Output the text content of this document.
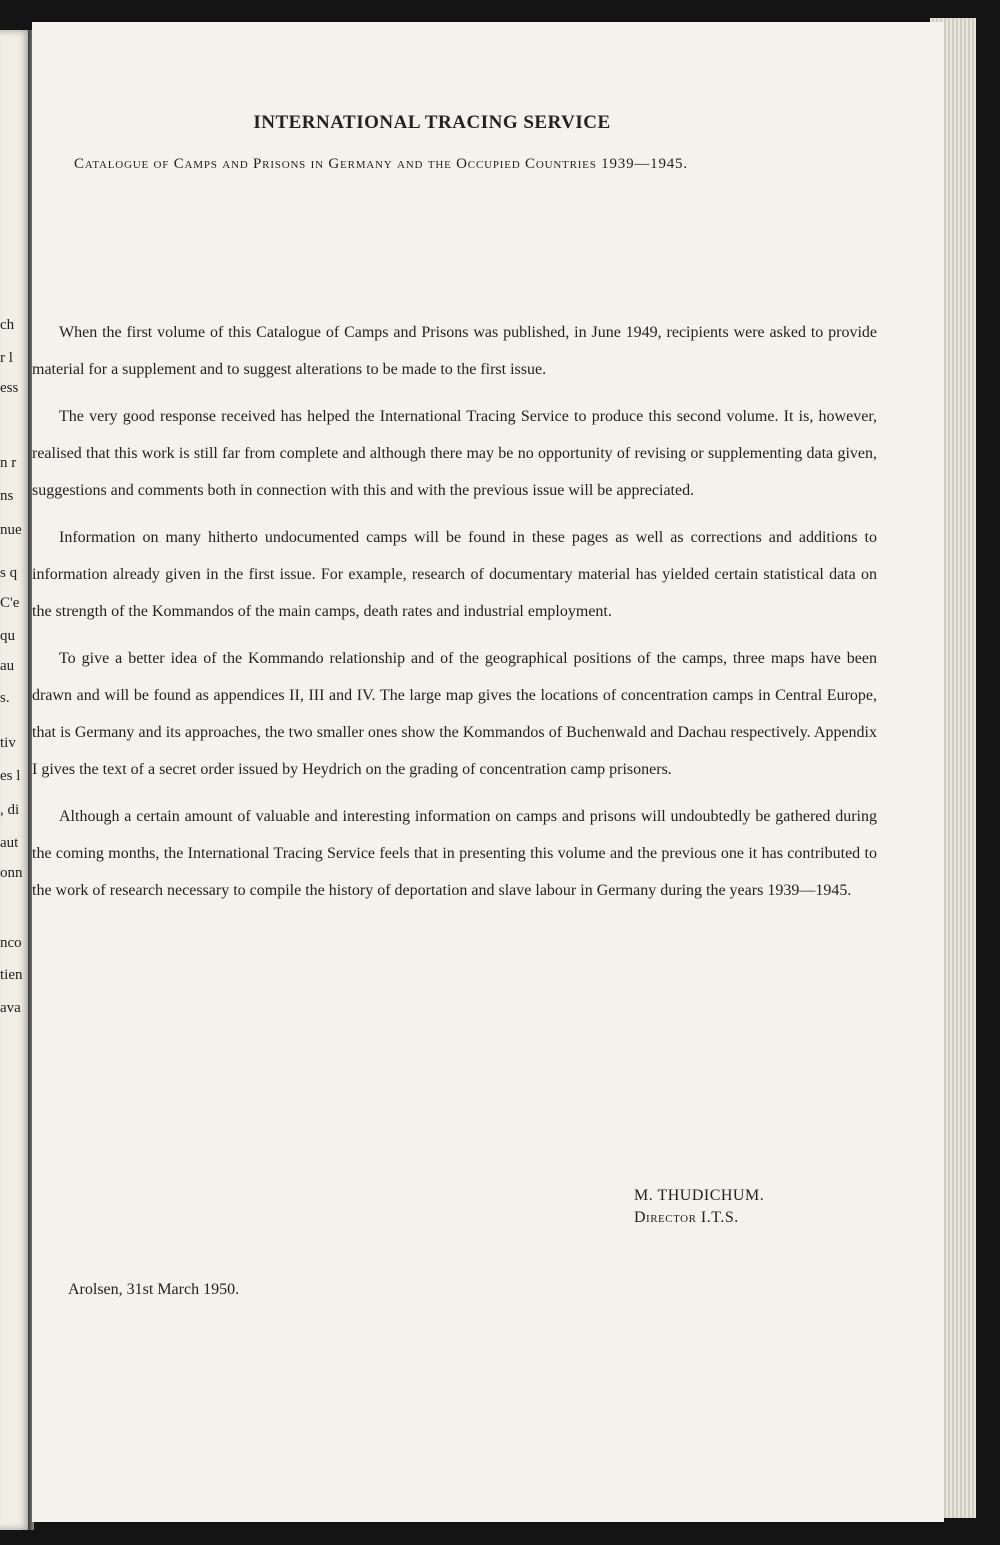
ch
r l
ess
n r
ns
nue
s q
C'e
qu
au
s.
tiv
es l
, di
aut
onn
nco
tien
ava
INTERNATIONAL TRACING SERVICE
Catalogue of Camps and Prisons in Germany and the Occupied Countries 1939—1945.

When the first volume of this Catalogue of Camps and Prisons was published, in June 1949, recipients were asked to provide material for a supplement and to suggest alterations to be made to the first issue.

The very good response received has helped the International Tracing Service to produce this second volume. It is, however, realised that this work is still far from complete and although there may be no opportunity of revising or supplementing data given, suggestions and comments both in connection with this and with the previous issue will be appreciated.

Information on many hitherto undocumented camps will be found in these pages as well as corrections and additions to information already given in the first issue. For example, research of documentary material has yielded certain statistical data on the strength of the Kommandos of the main camps, death rates and industrial employment.

To give a better idea of the Kommando relationship and of the geographical positions of the camps, three maps have been drawn and will be found as appendices II, III and IV. The large map gives the locations of concentration camps in Central Europe, that is Germany and its approaches, the two smaller ones show the Kommandos of Buchenwald and Dachau respectively. Appendix I gives the text of a secret order issued by Heydrich on the grading of concentration camp prisoners.

Although a certain amount of valuable and interesting information on camps and prisons will undoubtedly be gathered during the coming months, the International Tracing Service feels that in presenting this volume and the previous one it has contributed to the work of research necessary to compile the history of deportation and slave labour in Germany during the years 1939—1945.

M. THUDICHUM.
Director I.T.S.
Arolsen, 31st March 1950.
